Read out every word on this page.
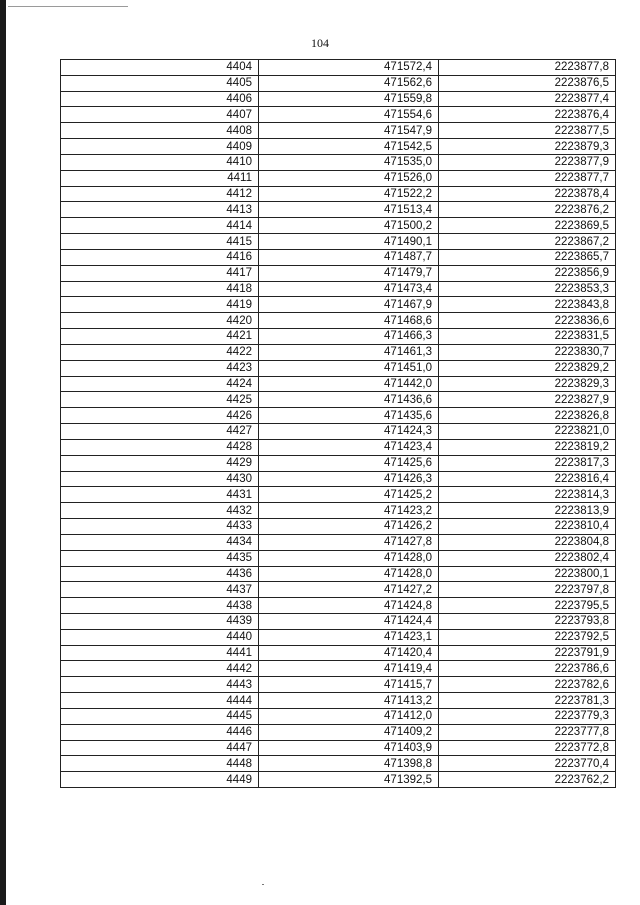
104
4404	471572,4	2223877,8
4405	471562,6	2223876,5
4406	471559,8	2223877,4
4407	471554,6	2223876,4
4408	471547,9	2223877,5
4409	471542,5	2223879,3
4410	471535,0	2223877,9
4411	471526,0	2223877,7
4412	471522,2	2223878,4
4413	471513,4	2223876,2
4414	471500,2	2223869,5
4415	471490,1	2223867,2
4416	471487,7	2223865,7
4417	471479,7	2223856,9
4418	471473,4	2223853,3
4419	471467,9	2223843,8
4420	471468,6	2223836,6
4421	471466,3	2223831,5
4422	471461,3	2223830,7
4423	471451,0	2223829,2
4424	471442,0	2223829,3
4425	471436,6	2223827,9
4426	471435,6	2223826,8
4427	471424,3	2223821,0
4428	471423,4	2223819,2
4429	471425,6	2223817,3
4430	471426,3	2223816,4
4431	471425,2	2223814,3
4432	471423,2	2223813,9
4433	471426,2	2223810,4
4434	471427,8	2223804,8
4435	471428,0	2223802,4
4436	471428,0	2223800,1
4437	471427,2	2223797,8
4438	471424,8	2223795,5
4439	471424,4	2223793,8
4440	471423,1	2223792,5
4441	471420,4	2223791,9
4442	471419,4	2223786,6
4443	471415,7	2223782,6
4444	471413,2	2223781,3
4445	471412,0	2223779,3
4446	471409,2	2223777,8
4447	471403,9	2223772,8
4448	471398,8	2223770,4
4449	471392,5	2223762,2
